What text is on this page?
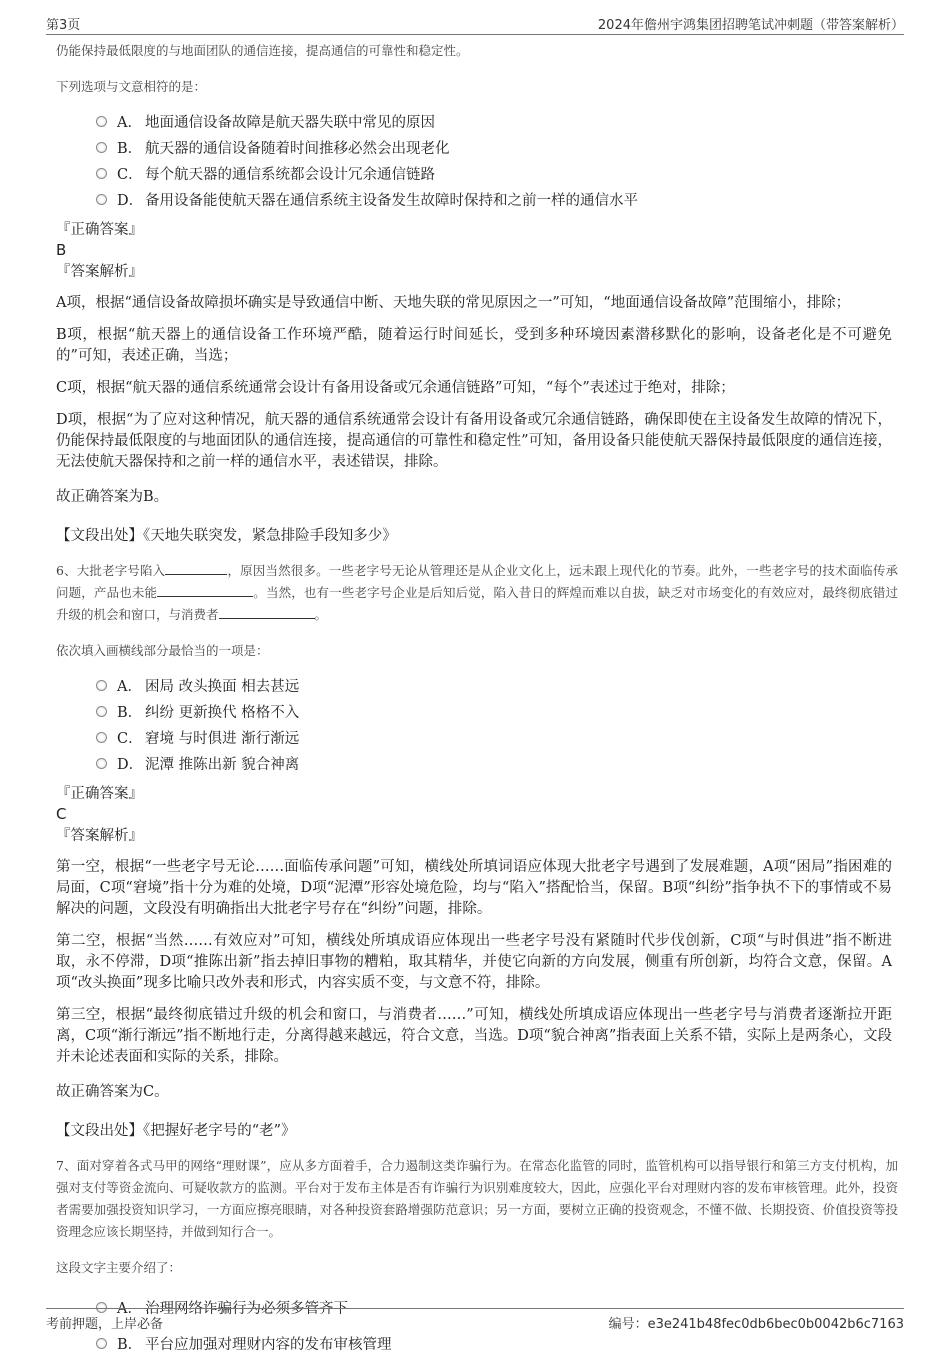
第3页	2024年儋州宇鸿集团招聘笔试冲刺题（带答案解析）
仍能保持最低限度的与地面团队的通信连接，提高通信的可靠性和稳定性。
下列选项与文意相符的是：
A． 地面通信设备故障是航天器失联中常见的原因
B． 航天器的通信设备随着时间推移必然会出现老化
C． 每个航天器的通信系统都会设计冗余通信链路
D． 备用设备能使航天器在通信系统主设备发生故障时保持和之前一样的通信水平
『正确答案』
B
『答案解析』
A项，根据“通信设备故障损坏确实是导致通信中断、天地失联的常见原因之一”可知，“地面通信设备故障”范围缩小，排除；
B项，根据“航天器上的通信设备工作环境严酷，随着运行时间延长，受到多种环境因素潜移默化的影响，设备老化是不可避免的”可知，表述正确，当选；
C项，根据“航天器的通信系统通常会设计有备用设备或冗余通信链路”可知，“每个”表述过于绝对，排除；
D项，根据“为了应对这种情况，航天器的通信系统通常会设计有备用设备或冗余通信链路，确保即使在主设备发生故障的情况下，仍能保持最低限度的与地面团队的通信连接，提高通信的可靠性和稳定性”可知，备用设备只能使航天器保持最低限度的通信连接，无法使航天器保持和之前一样的通信水平，表述错误，排除。
故正确答案为B。
【文段出处】《天地失联突发，紧急排险手段知多少》
6、大批老字号陷入	，原因当然很多。一些老字号无论从管理还是从企业文化上，远未跟上现代化的节奏。此外，一些老字号的技术面临传承问题，产品也未能	。当然，也有一些老字号企业是后知后觉，陷入昔日的辉煌而难以自拔，缺乏对市场变化的有效应对，最终彻底错过升级的机会和窗口，与消费者	。
依次填入画横线部分最恰当的一项是：
A． 困局 改头换面 相去甚远
B． 纠纷 更新换代 格格不入
C． 窘境 与时俱进 渐行渐远
D． 泥潭 推陈出新 貌合神离
『正确答案』
C
『答案解析』
第一空，根据“一些老字号无论……面临传承问题”可知，横线处所填词语应体现大批老字号遇到了发展难题，A项“困局”指困难的局面，C项“窘境”指十分为难的处境，D项“泥潭”形容处境危险，均与“陷入”搭配恰当，保留。B项“纠纷”指争执不下的事情或不易解决的问题，文段没有明确指出大批老字号存在“纠纷”问题，排除。
第二空，根据“当然……有效应对”可知，横线处所填成语应体现出一些老字号没有紧随时代步伐创新，C项“与时俱进”指不断进取，永不停滞，D项“推陈出新”指去掉旧事物的糟粕，取其精华，并使它向新的方向发展，侧重有所创新，均符合文意，保留。A项“改头换面”现多比喻只改外表和形式，内容实质不变，与文意不符，排除。
第三空，根据“最终彻底错过升级的机会和窗口，与消费者……”可知，横线处所填成语应体现出一些老字号与消费者逐渐拉开距离，C项“渐行渐远”指不断地行走，分离得越来越远，符合文意，当选。D项“貌合神离”指表面上关系不错，实际上是两条心，文段并未论述表面和实际的关系，排除。
故正确答案为C。
【文段出处】《把握好老字号的“老”》
7、面对穿着各式马甲的网络“理财课”，应从多方面着手，合力遏制这类诈骗行为。在常态化监管的同时，监管机构可以指导银行和第三方支付机构，加强对支付等资金流向、可疑收款方的监测。平台对于发布主体是否有诈骗行为识别难度较大，因此，应强化平台对理财内容的发布审核管理。此外，投资者需要加强投资知识学习，一方面应擦亮眼睛，对各种投资套路增强防范意识；另一方面，要树立正确的投资观念，不懂不做、长期投资、价值投资等投资理念应该长期坚持，并做到知行合一。
这段文字主要介绍了：
A． 治理网络诈骗行为必须多管齐下
B． 平台应加强对理财内容的发布审核管理
考前押题，上岸必备	编号：e3e241b48fec0db6bec0b0042b6c7163
